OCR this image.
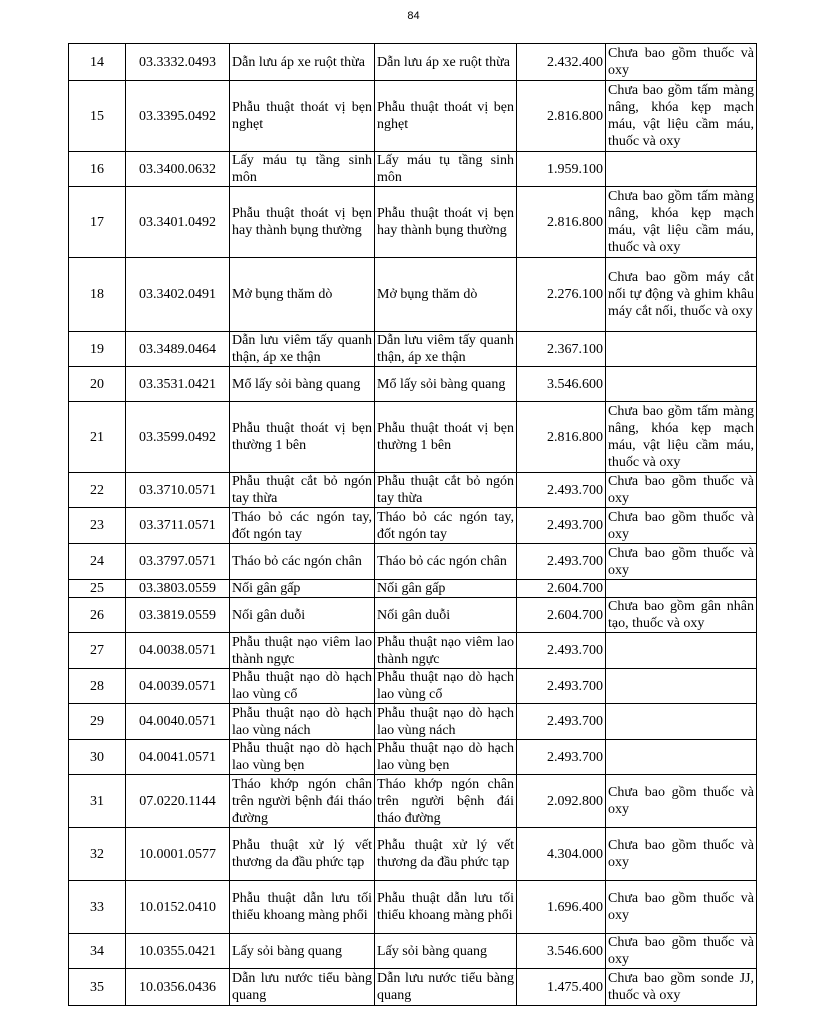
84
14	03.3332.0493	Dẫn lưu áp xe ruột thừa	Dẫn lưu áp xe ruột thừa	2.432.400	Chưa bao gồm thuốc và oxy
15	03.3395.0492	Phẫu thuật thoát vị bẹn nghẹt	Phẫu thuật thoát vị bẹn nghẹt	2.816.800	Chưa bao gồm tấm màng nâng, khóa kẹp mạch máu, vật liệu cầm máu, thuốc và oxy
16	03.3400.0632	Lấy máu tụ tầng sinh môn	Lấy máu tụ tầng sinh môn	1.959.100	
17	03.3401.0492	Phẫu thuật thoát vị bẹn hay thành bụng thường	Phẫu thuật thoát vị bẹn hay thành bụng thường	2.816.800	Chưa bao gồm tấm màng nâng, khóa kẹp mạch máu, vật liệu cầm máu, thuốc và oxy
18	03.3402.0491	Mở bụng thăm dò	Mở bụng thăm dò	2.276.100	Chưa bao gồm máy cắt nối tự động và ghim khâu máy cắt nối, thuốc và oxy
19	03.3489.0464	Dẫn lưu viêm tấy quanh thận, áp xe thận	Dẫn lưu viêm tấy quanh thận, áp xe thận	2.367.100	
20	03.3531.0421	Mổ lấy sỏi bàng quang	Mổ lấy sỏi bàng quang	3.546.600	
21	03.3599.0492	Phẫu thuật thoát vị bẹn thường 1 bên	Phẫu thuật thoát vị bẹn thường 1 bên	2.816.800	Chưa bao gồm tấm màng nâng, khóa kẹp mạch máu, vật liệu cầm máu, thuốc và oxy
22	03.3710.0571	Phẫu thuật cắt bỏ ngón tay thừa	Phẫu thuật cắt bỏ ngón tay thừa	2.493.700	Chưa bao gồm thuốc và oxy
23	03.3711.0571	Tháo bỏ các ngón tay, đốt ngón tay	Tháo bỏ các ngón tay, đốt ngón tay	2.493.700	Chưa bao gồm thuốc và oxy
24	03.3797.0571	Tháo bỏ các ngón chân	Tháo bỏ các ngón chân	2.493.700	Chưa bao gồm thuốc và oxy
25	03.3803.0559	Nối gân gấp	Nối gân gấp	2.604.700	
26	03.3819.0559	Nối gân duỗi	Nối gân duỗi	2.604.700	Chưa bao gồm gân nhân tạo, thuốc và oxy
27	04.0038.0571	Phẫu thuật nạo viêm lao thành ngực	Phẫu thuật nạo viêm lao thành ngực	2.493.700	
28	04.0039.0571	Phẫu thuật nạo dò hạch lao vùng cổ	Phẫu thuật nạo dò hạch lao vùng cổ	2.493.700	
29	04.0040.0571	Phẫu thuật nạo dò hạch lao vùng nách	Phẫu thuật nạo dò hạch lao vùng nách	2.493.700	
30	04.0041.0571	Phẫu thuật nạo dò hạch lao vùng bẹn	Phẫu thuật nạo dò hạch lao vùng bẹn	2.493.700	
31	07.0220.1144	Tháo khớp ngón chân trên người bệnh đái tháo đường	Tháo khớp ngón chân trên người bệnh đái tháo đường	2.092.800	Chưa bao gồm thuốc và oxy
32	10.0001.0577	Phẫu thuật xử lý vết thương da đầu phức tạp	Phẫu thuật xử lý vết thương da đầu phức tạp	4.304.000	Chưa bao gồm thuốc và oxy
33	10.0152.0410	Phẫu thuật dẫn lưu tối thiểu khoang màng phổi	Phẫu thuật dẫn lưu tối thiểu khoang màng phổi	1.696.400	Chưa bao gồm thuốc và oxy
34	10.0355.0421	Lấy sỏi bàng quang	Lấy sỏi bàng quang	3.546.600	Chưa bao gồm thuốc và oxy
35	10.0356.0436	Dẫn lưu nước tiểu bàng quang	Dẫn lưu nước tiểu bàng quang	1.475.400	Chưa bao gồm sonde JJ, thuốc và oxy
